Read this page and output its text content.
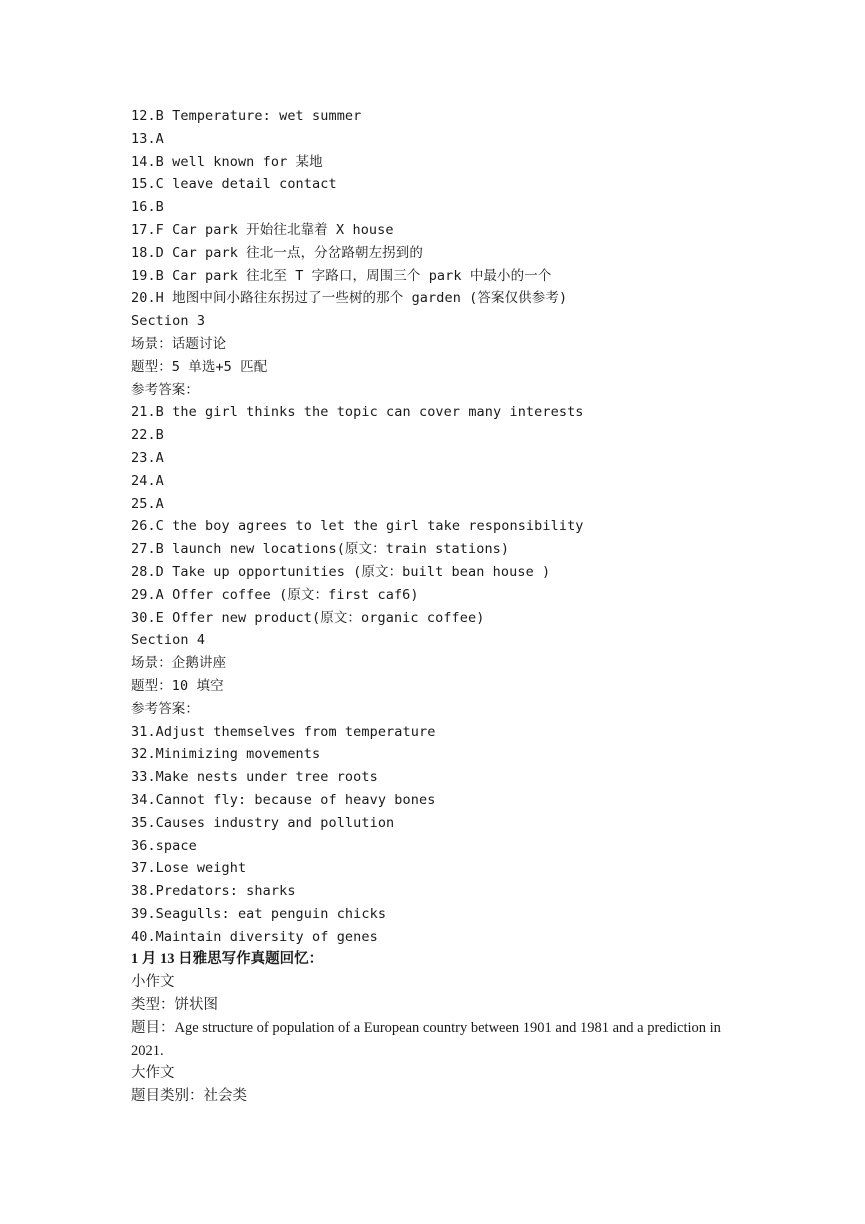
12.B Temperature: wet summer
13.A
14.B well known for 某地
15.C leave detail contact
16.B
17.F Car park 开始往北靠着 X house
18.D Car park 往北一点，分岔路朝左拐到的
19.B Car park 往北至 T 字路口，周围三个 park 中最小的一个
20.H 地图中间小路往东拐过了一些树的那个 garden (答案仅供参考)
Section 3
场景：话题讨论
题型：5 单选+5 匹配
参考答案：
21.B the girl thinks the topic can cover many interests
22.B
23.A
24.A
25.A
26.C the boy agrees to let the girl take responsibility
27.B launch new locations(原文：train stations)
28.D Take up opportunities (原文：built bean house )
29.A Offer coffee (原文：first caf6)
30.E Offer new product(原文：organic coffee)
Section 4
场景：企鹅讲座
题型：10 填空
参考答案：
31.Adjust themselves from temperature
32.Minimizing movements
33.Make nests under tree roots
34.Cannot fly: because of heavy bones
35.Causes industry and pollution
36.space
37.Lose weight
38.Predators: sharks
39.Seagulls: eat penguin chicks
40.Maintain diversity of genes
1 月 13 日雅思写作真题回忆：
小作文
类型：饼状图
题目：Age structure of population of a European country between 1901 and 1981 and a prediction in 2021.
大作文
题目类别：社会类
